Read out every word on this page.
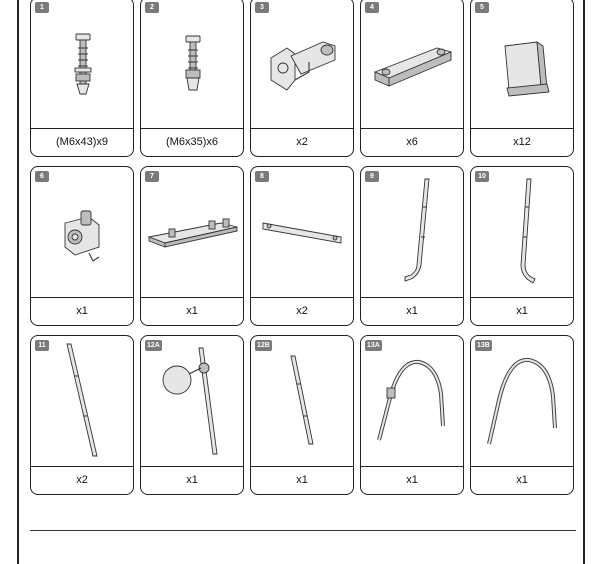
1
(M6x43)x9
2
(M6x35)x6
3
x2
4
x6
5
x12
6
x1
7
x1
8
x2
9
x1
10
x1
11
x2
12A
x1
12B
x1
13A
x1
13B
x1
